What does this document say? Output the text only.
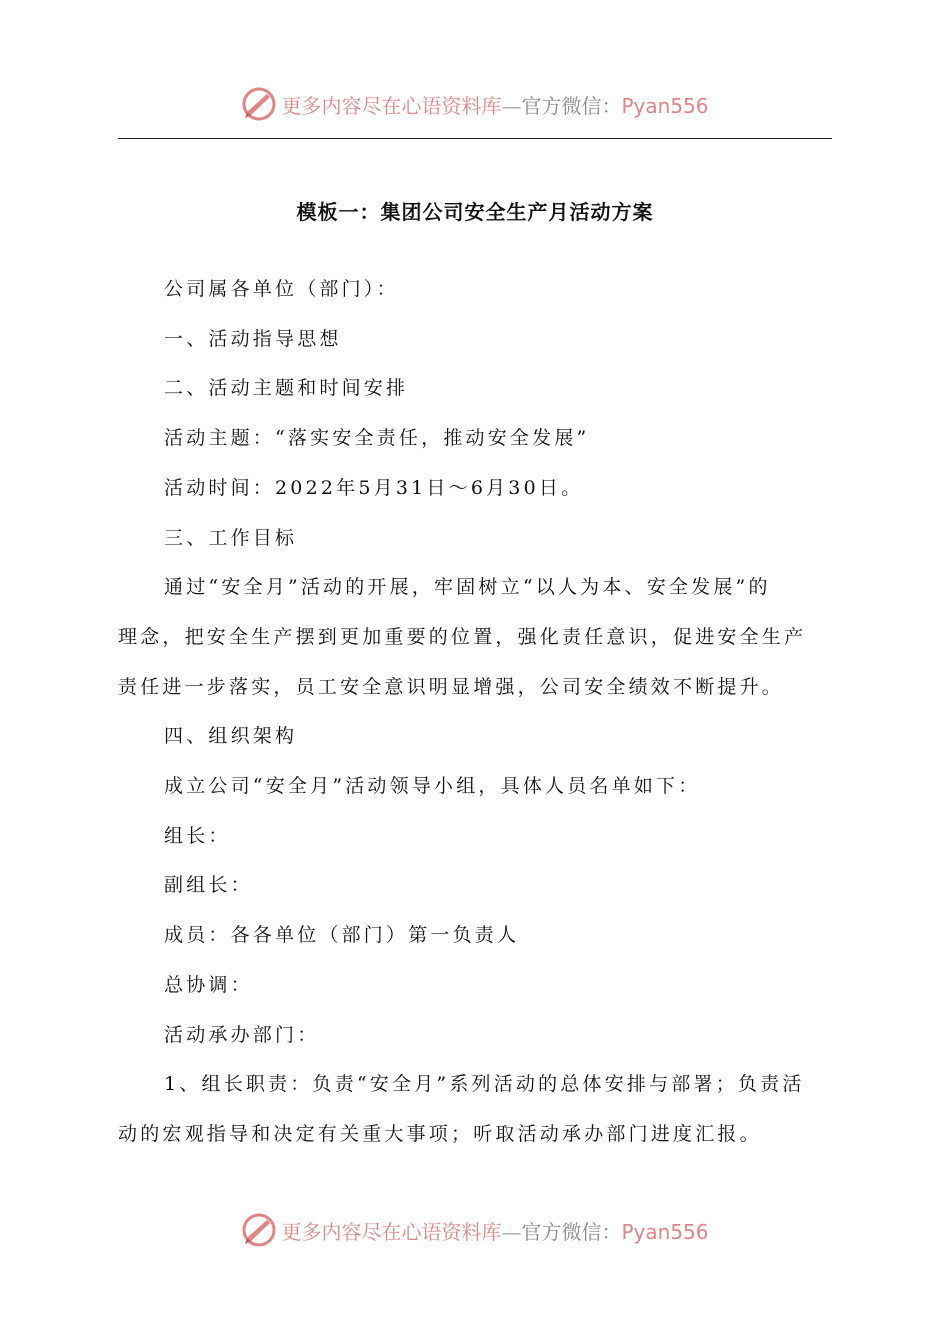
更多内容尽在心语资料库—官方微信：Pyan556
模板一：集团公司安全生产月活动方案

公司属各单位（部门）：

一、活动指导思想

二、活动主题和时间安排

活动主题：“落实安全责任，推动安全发展”

活动时间：2022年5月31日～6月30日。

三、工作目标

通过“安全月”活动的开展，牢固树立“以人为本、安全发展”的

理念，把安全生产摆到更加重要的位置，强化责任意识，促进安全生产

责任进一步落实，员工安全意识明显增强，公司安全绩效不断提升。

四、组织架构

成立公司“安全月”活动领导小组，具体人员名单如下：

组长：

副组长：

成员：各各单位（部门）第一负责人

总协调：

活动承办部门：

1、组长职责：负责“安全月”系列活动的总体安排与部署；负责活

动的宏观指导和决定有关重大事项；听取活动承办部门进度汇报。

更多内容尽在心语资料库—官方微信：Pyan556
